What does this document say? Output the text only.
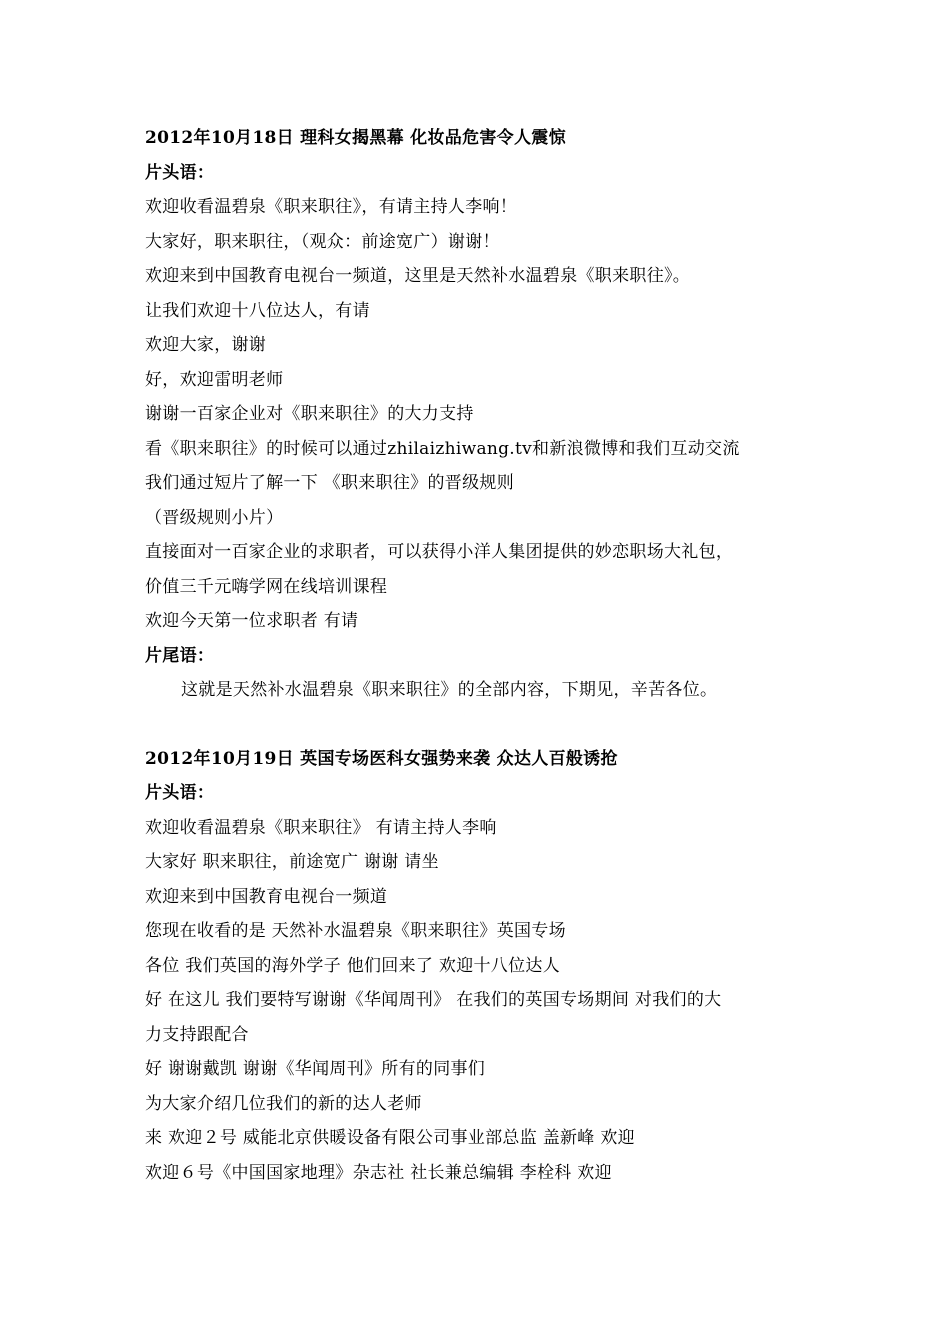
2012年10月18日 理科女揭黑幕 化妆品危害令人震惊
片头语：
欢迎收看温碧泉《职来职往》，有请主持人李响！
大家好，职来职往，（观众：前途宽广）谢谢！
欢迎来到中国教育电视台一频道，这里是天然补水温碧泉《职来职往》。
让我们欢迎十八位达人，有请
欢迎大家，谢谢
好，欢迎雷明老师
谢谢一百家企业对《职来职往》的大力支持
看《职来职往》的时候可以通过zhilaizhiwang.tv和新浪微博和我们互动交流
我们通过短片了解一下 《职来职往》的晋级规则
（晋级规则小片）
直接面对一百家企业的求职者，可以获得小洋人集团提供的妙恋职场大礼包，
价值三千元嗨学网在线培训课程
欢迎今天第一位求职者 有请
片尾语：
这就是天然补水温碧泉《职来职往》的全部内容，下期见，辛苦各位。
2012年10月19日 英国专场医科女强势来袭 众达人百般诱抢
片头语：
欢迎收看温碧泉《职来职往》 有请主持人李响
大家好 职来职往，前途宽广 谢谢 请坐
欢迎来到中国教育电视台一频道
您现在收看的是 天然补水温碧泉《职来职往》英国专场
各位 我们英国的海外学子 他们回来了 欢迎十八位达人
好 在这儿 我们要特写谢谢《华闻周刊》 在我们的英国专场期间 对我们的大
力支持跟配合
好 谢谢戴凯 谢谢《华闻周刊》所有的同事们
为大家介绍几位我们的新的达人老师
来 欢迎２号 威能北京供暖设备有限公司事业部总监 盖新峰 欢迎
欢迎６号《中国国家地理》杂志社 社长兼总编辑 李栓科 欢迎
